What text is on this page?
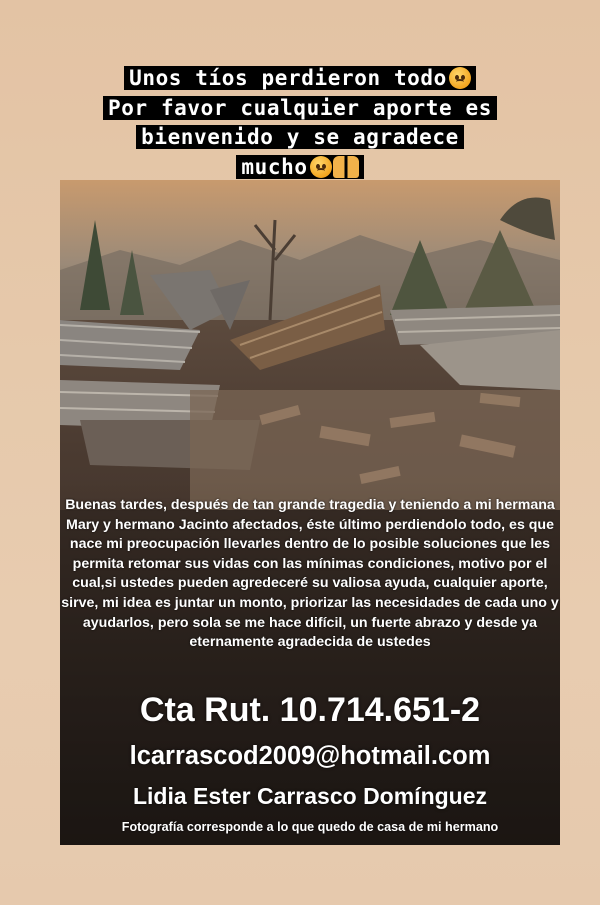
Unos tíos perdieron todo
Por favor cualquier aporte es
bienvenido y se agradece
mucho
Buenas tardes, después de tan grande tragedia y teniendo a mi hermana Mary y hermano Jacinto afectados, éste último perdiendolo todo, es que nace mi preocupación llevarles dentro de lo posible soluciones que les permita retomar sus vidas con las mínimas condiciones, motivo por el cual,si ustedes pueden agredeceré su valiosa ayuda, cualquier aporte, sirve, mi idea es juntar un monto, priorizar las necesidades de cada uno y ayudarlos, pero sola se me hace difícil, un fuerte abrazo y desde ya eternamente agradecida de ustedes
Cta Rut. 10.714.651-2
lcarrascod2009@hotmail.com
Lidia Ester Carrasco Domínguez
Fotografía corresponde a lo que quedo de casa de mi hermano
